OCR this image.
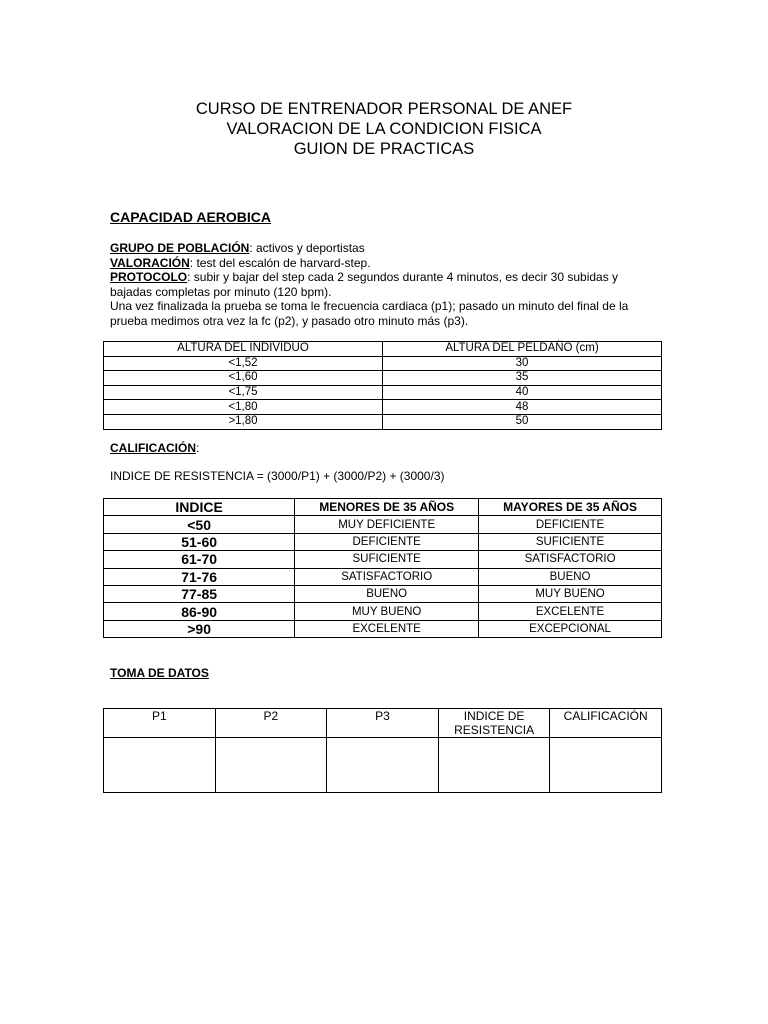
CURSO DE ENTRENADOR PERSONAL DE ANEF
VALORACION DE LA CONDICION FISICA
GUION DE PRACTICAS
CAPACIDAD AEROBICA

GRUPO DE POBLACIÓN: activos y deportistas

VALORACIÓN: test del escalón de harvard-step.

PROTOCOLO: subir y bajar del step cada 2 segundos durante 4 minutos, es decir 30 subidas y bajadas completas por minuto (120 bpm).

Una vez finalizada la prueba se toma le frecuencia cardiaca (p1); pasado un minuto del final de la prueba medimos otra vez la fc (p2), y pasado otro minuto más (p3).

ALTURA DEL INDIVIDUO	ALTURA DEL PELDAÑO (cm)
<1,52	30
<1,60	35
<1,75	40
<1,80	48
>1,80	50
CALIFICACIÓN:
INDICE DE RESISTENCIA = (3000/P1) + (3000/P2) + (3000/3)
INDICE	MENORES DE 35 AÑOS	MAYORES DE 35 AÑOS
<50	MUY DEFICIENTE	DEFICIENTE
51-60	DEFICIENTE	SUFICIENTE
61-70	SUFICIENTE	SATISFACTORIO
71-76	SATISFACTORIO	BUENO
77-85	BUENO	MUY BUENO
86-90	MUY BUENO	EXCELENTE
>90	EXCELENTE	EXCEPCIONAL
TOMA DE DATOS
P1	P2	P3	INDICE DE RESISTENCIA	CALIFICACIÓN
